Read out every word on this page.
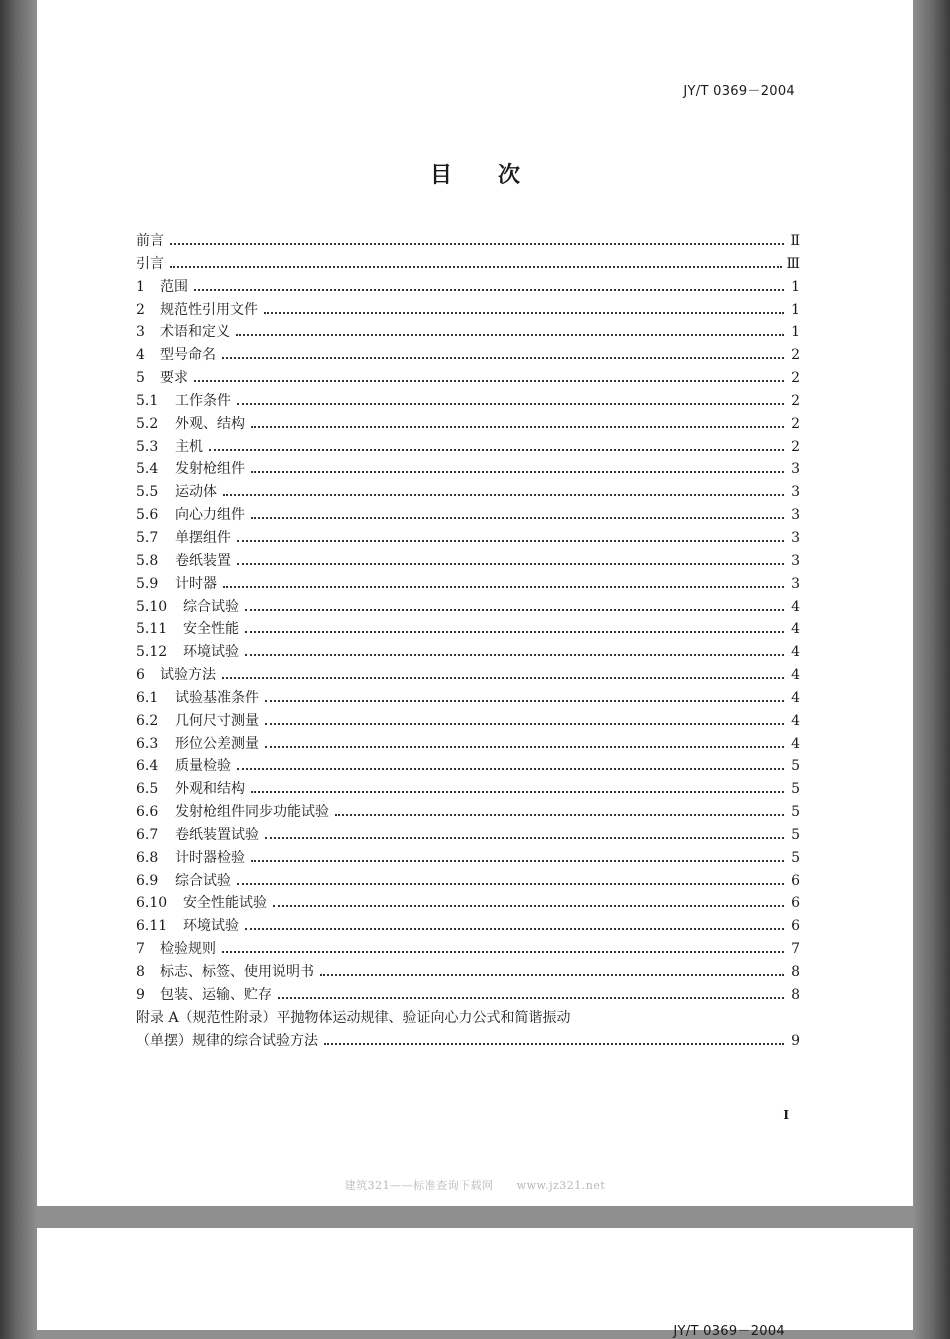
JY/T 0369－2004
目次
前言	Ⅱ
引言	Ⅲ
1	范围	1
2	规范性引用文件	1
3	术语和定义	1
4	型号命名	2
5	要求	2
5.1	工作条件	2
5.2	外观、结构	2
5.3	主机	2
5.4	发射枪组件	3
5.5	运动体	3
5.6	向心力组件	3
5.7	单摆组件	3
5.8	卷纸装置	3
5.9	计时器	3
5.10	综合试验	4
5.11	安全性能	4
5.12	环境试验	4
6	试验方法	4
6.1	试验基准条件	4
6.2	几何尺寸测量	4
6.3	形位公差测量	4
6.4	质量检验	5
6.5	外观和结构	5
6.6	发射枪组件同步功能试验	5
6.7	卷纸装置试验	5
6.8	计时器检验	5
6.9	综合试验	6
6.10	安全性能试验	6
6.11	环境试验	6
7	检验规则	7
8	标志、标签、使用说明书	8
9	包装、运输、贮存	8
附录 A（规范性附录）平抛物体运动规律、验证向心力公式和简谐振动
（单摆）规律的综合试验方法	9
I
建筑321——标准查询下载网　　www.jz321.net
JY/T 0369－2004
